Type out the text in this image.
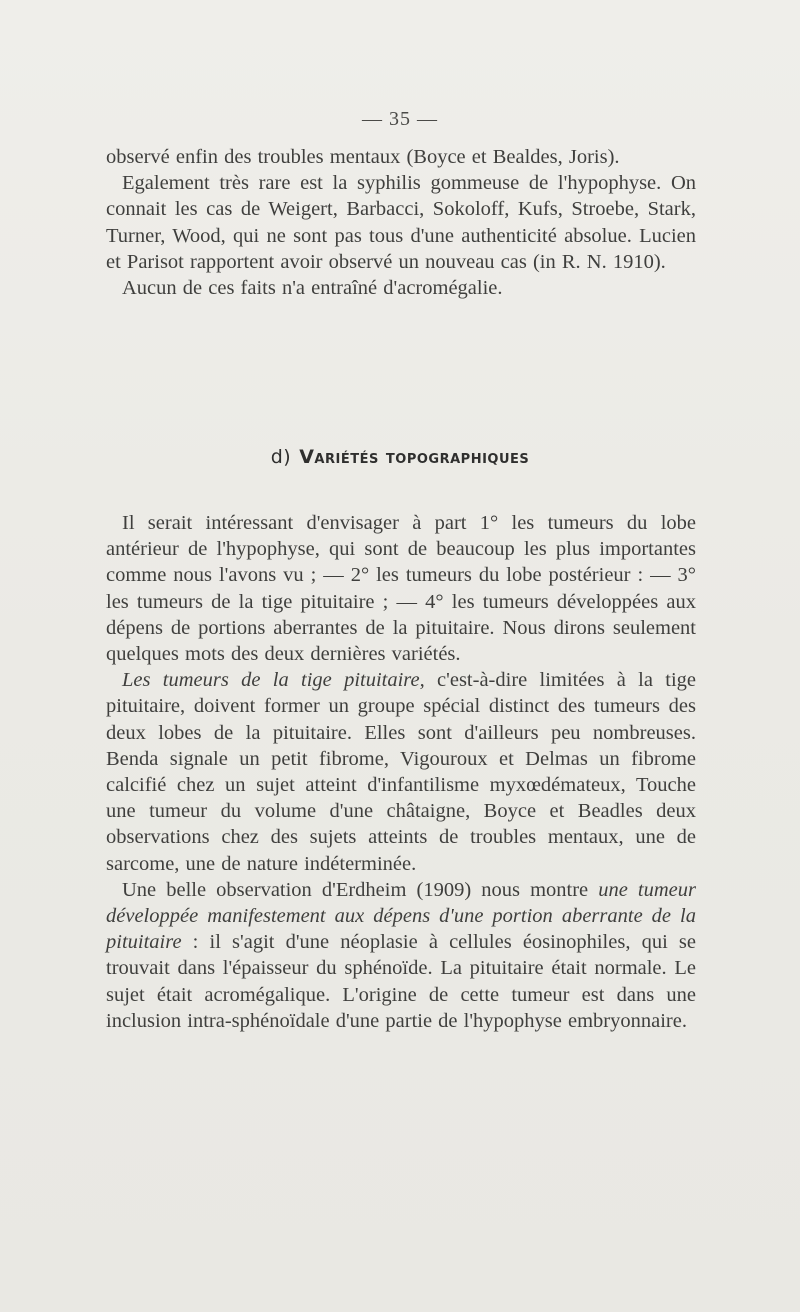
— 35 —

observé enfin des troubles mentaux (Boyce et Bealdes, Joris).

Egalement très rare est la syphilis gommeuse de l'hypophyse. On connait les cas de Weigert, Barbacci, Sokoloff, Kufs, Stroebe, Stark, Turner, Wood, qui ne sont pas tous d'une authenticité absolue. Lucien et Parisot rapportent avoir observé un nouveau cas (in R. N. 1910).

Aucun de ces faits n'a entraîné d'acromégalie.

d) Variétés topographiques

Il serait intéressant d'envisager à part 1° les tumeurs du lobe antérieur de l'hypophyse, qui sont de beaucoup les plus importantes comme nous l'avons vu ; — 2° les tumeurs du lobe postérieur : — 3° les tumeurs de la tige pituitaire ; — 4° les tumeurs développées aux dépens de portions aberrantes de la pituitaire. Nous dirons seulement quelques mots des deux dernières variétés.

Les tumeurs de la tige pituitaire, c'est-à-dire limitées à la tige pituitaire, doivent former un groupe spécial distinct des tumeurs des deux lobes de la pituitaire. Elles sont d'ailleurs peu nombreuses. Benda signale un petit fibrome, Vigouroux et Delmas un fibrome calcifié chez un sujet atteint d'infantilisme myxœdémateux, Touche une tumeur du volume d'une châtaigne, Boyce et Beadles deux observations chez des sujets atteints de troubles mentaux, une de sarcome, une de nature indéterminée.

Une belle observation d'Erdheim (1909) nous montre une tumeur développée manifestement aux dépens d'une portion aberrante de la pituitaire : il s'agit d'une néoplasie à cellules éosinophiles, qui se trouvait dans l'épaisseur du sphénoïde. La pituitaire était normale. Le sujet était acromégalique. L'origine de cette tumeur est dans une inclusion intra-sphénoïdale d'une partie de l'hypophyse embryonnaire.
